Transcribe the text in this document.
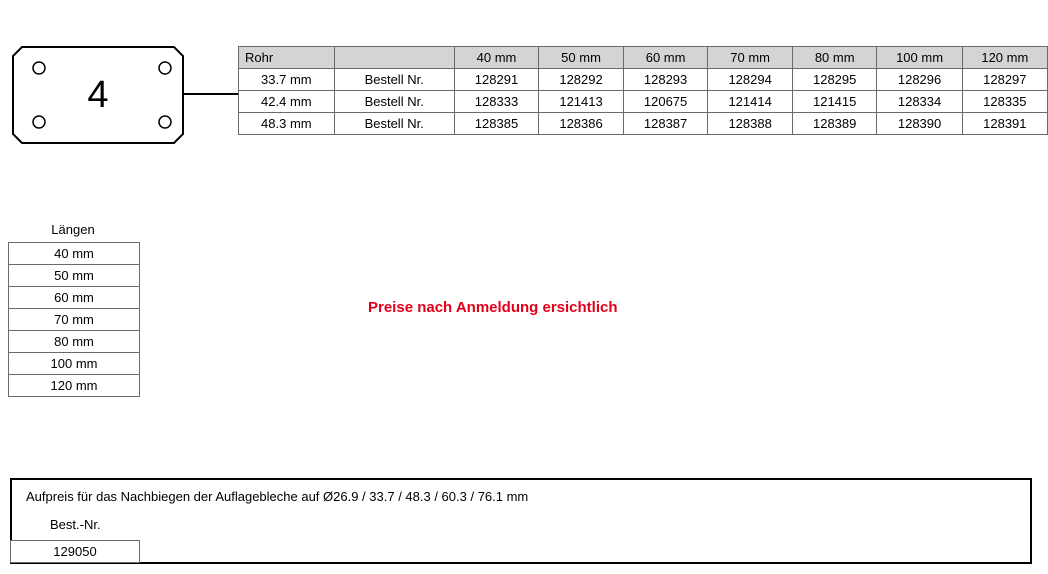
4
Rohr		40 mm	50 mm	60 mm	70 mm	80 mm	100 mm	120 mm
33.7 mm	Bestell Nr.	128291	128292	128293	128294	128295	128296	128297
42.4 mm	Bestell Nr.	128333	121413	120675	121414	121415	128334	128335
48.3 mm	Bestell Nr.	128385	128386	128387	128388	128389	128390	128391
Längen
40 mm
50 mm
60 mm
70 mm
80 mm
100 mm
120 mm
Preise nach Anmeldung ersichtlich
Aufpreis für das Nachbiegen der Auflagebleche auf Ø26.9 / 33.7 / 48.3 / 60.3 / 76.1 mm
Best.-Nr.
129050
